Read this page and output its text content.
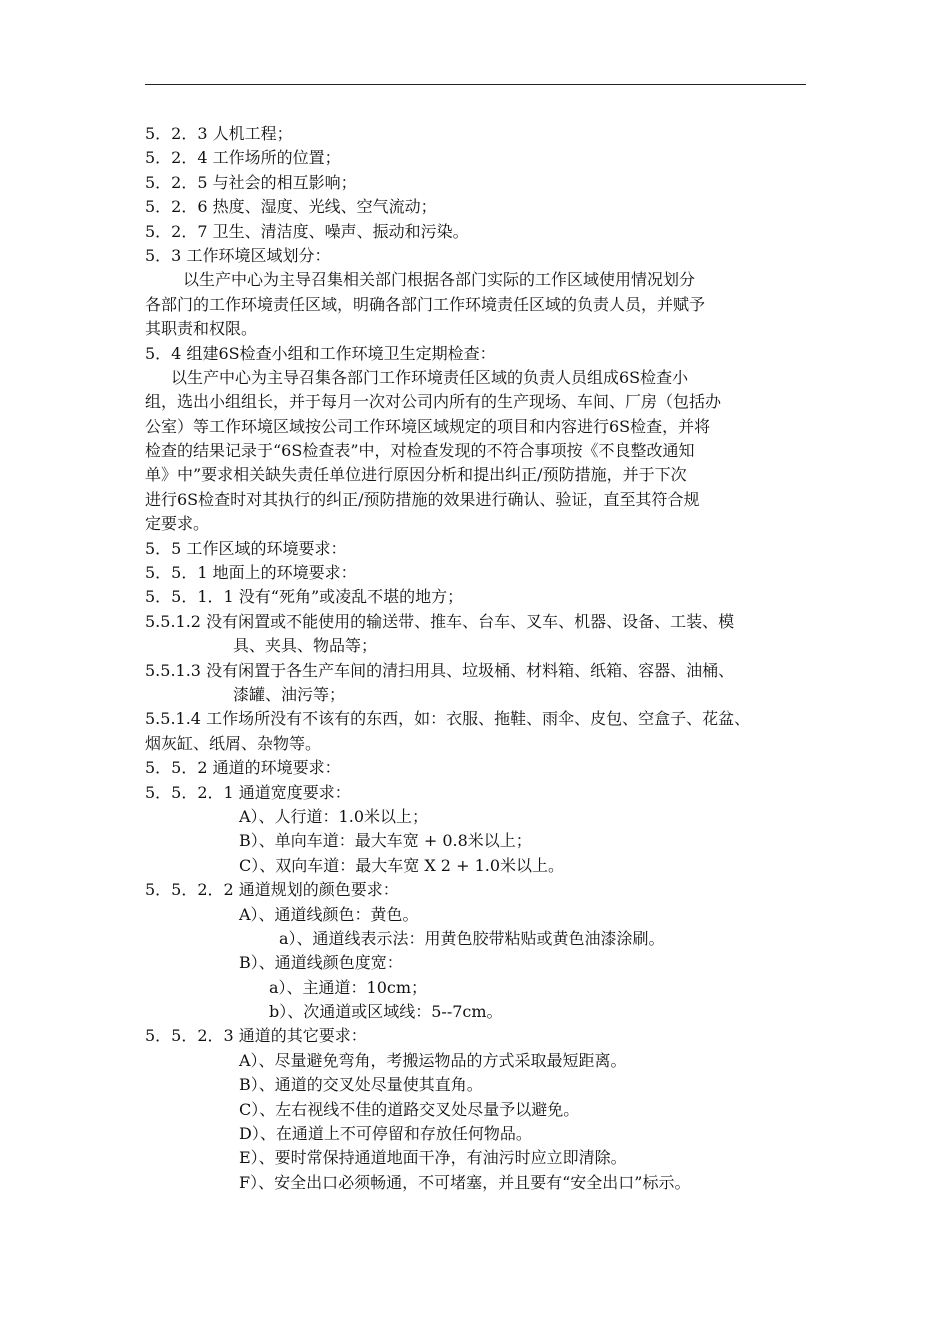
5．2．3 人机工程；
5．2．4 工作场所的位置；
5．2．5 与社会的相互影响；
5．2．6 热度、湿度、光线、空气流动；
5．2．7 卫生、清洁度、噪声、振动和污染。
5．3 工作环境区域划分：
以生产中心为主导召集相关部门根据各部门实际的工作区域使用情况划分
各部门的工作环境责任区域，明确各部门工作环境责任区域的负责人员，并赋予
其职责和权限。
5．4 组建6S检查小组和工作环境卫生定期检查：
以生产中心为主导召集各部门工作环境责任区域的负责人员组成6S检查小
组，选出小组组长，并于每月一次对公司内所有的生产现场、车间、厂房（包括办
公室）等工作环境区域按公司工作环境区域规定的项目和内容进行6S检查，并将
检查的结果记录于“6S检查表”中，对检查发现的不符合事项按《不良整改通知
单》中”要求相关缺失责任单位进行原因分析和提出纠正/预防措施，并于下次
进行6S检查时对其执行的纠正/预防措施的效果进行确认、验证，直至其符合规
定要求。
5．5 工作区域的环境要求：
5．5．1 地面上的环境要求：
5．5．1．1 没有“死角”或凌乱不堪的地方；
5.5.1.2 没有闲置或不能使用的输送带、推车、台车、叉车、机器、设备、工装、模
具、夹具、物品等；
5.5.1.3 没有闲置于各生产车间的清扫用具、垃圾桶、材料箱、纸箱、容器、油桶、
漆罐、油污等；
5.5.1.4 工作场所没有不该有的东西，如：衣服、拖鞋、雨伞、皮包、空盒子、花盆、
烟灰缸、纸屑、杂物等。
5．5．2 通道的环境要求：
5．5．2．1 通道宽度要求：
A）、人行道：1.0米以上；
B）、单向车道：最大车宽 + 0.8米以上；
C）、双向车道：最大车宽 X 2 + 1.0米以上。
5．5．2．2 通道规划的颜色要求：
A）、通道线颜色：黄色。
a）、通道线表示法：用黄色胶带粘贴或黄色油漆涂刷。
B）、通道线颜色度宽：
a）、主通道：10cm；
b）、次通道或区域线：5--7cm。
5．5．2．3 通道的其它要求：
A）、尽量避免弯角，考搬运物品的方式采取最短距离。
B）、通道的交叉处尽量使其直角。
C）、左右视线不佳的道路交叉处尽量予以避免。
D）、在通道上不可停留和存放任何物品。
E）、要时常保持通道地面干净，有油污时应立即清除。
F）、安全出口必须畅通，不可堵塞，并且要有“安全出口”标示。
